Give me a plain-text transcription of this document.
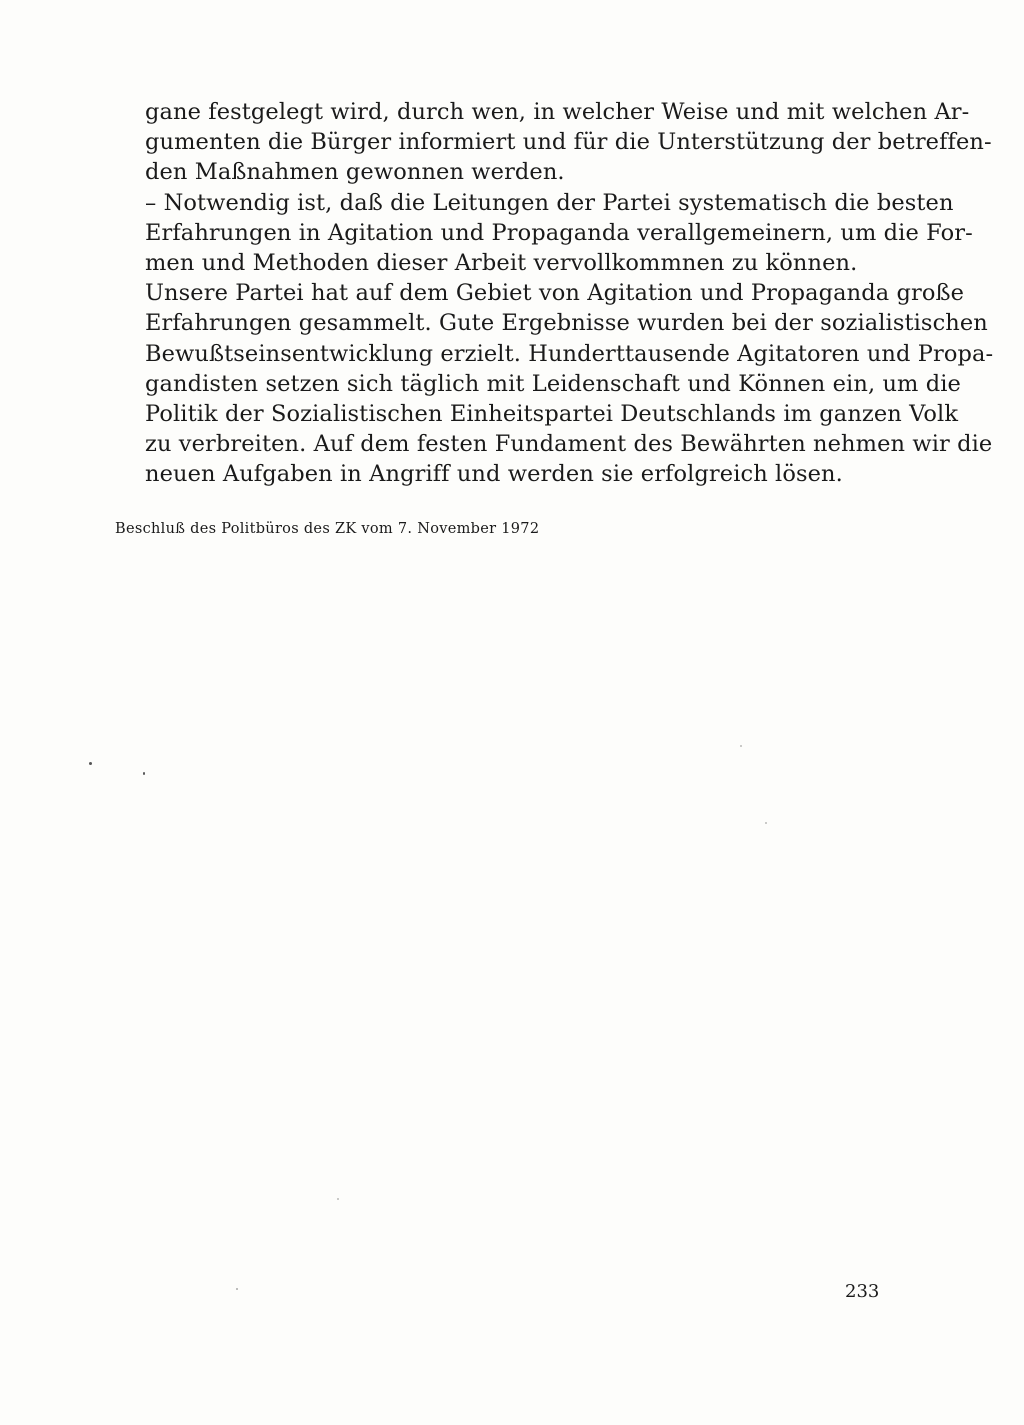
gane festgelegt wird, durch wen, in welcher Weise und mit welchen Ar-
gumenten die Bürger informiert und für die Unterstützung der betreffen-
den Maßnahmen gewonnen werden.
– Notwendig ist, daß die Leitungen der Partei systematisch die besten
Erfahrungen in Agitation und Propaganda verallgemeinern, um die For-
men und Methoden dieser Arbeit vervollkommnen zu können.
Unsere Partei hat auf dem Gebiet von Agitation und Propaganda große
Erfahrungen gesammelt. Gute Ergebnisse wurden bei der sozialistischen
Bewußtseinsentwicklung erzielt. Hunderttausende Agitatoren und Propa-
gandisten setzen sich täglich mit Leidenschaft und Können ein, um die
Politik der Sozialistischen Einheitspartei Deutschlands im ganzen Volk
zu verbreiten. Auf dem festen Fundament des Bewährten nehmen wir die
neuen Aufgaben in Angriff und werden sie erfolgreich lösen.
Beschluß des Politbüros des ZK vom 7. November 1972
233
